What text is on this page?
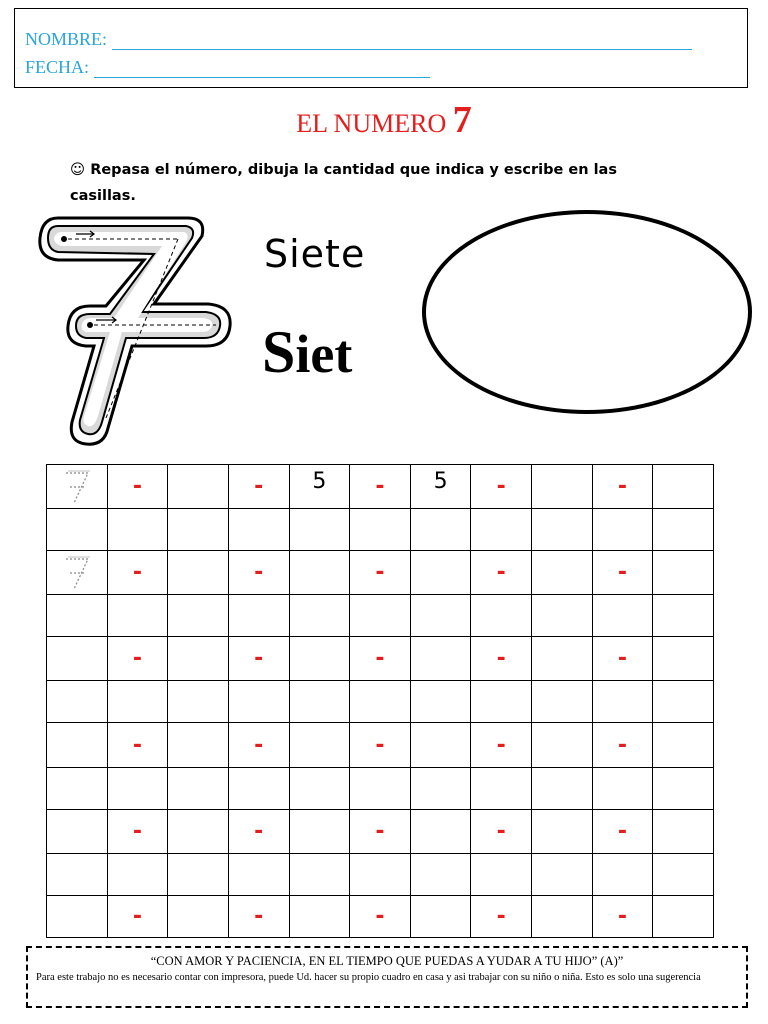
NOMBRE:
FECHA:
EL NUMERO 7
☺ Repasa el número, dibuja la cantidad que indica y escribe en las casillas.
Siete
Siet
	-		-	5	-	5	-		-	

	-		-		-		-		-	

	-		-		-		-		-	

	-		-		-		-		-	

	-		-		-		-		-	

	-		-		-		-		-	
“CON AMOR Y PACIENCIA, EN EL TIEMPO QUE PUEDAS A YUDAR A TU HIJO” (A)”
Para este trabajo no es necesario contar con impresora, puede Ud. hacer su propio cuadro en casa y asi trabajar con su niño o niña. Esto es solo una sugerencia
